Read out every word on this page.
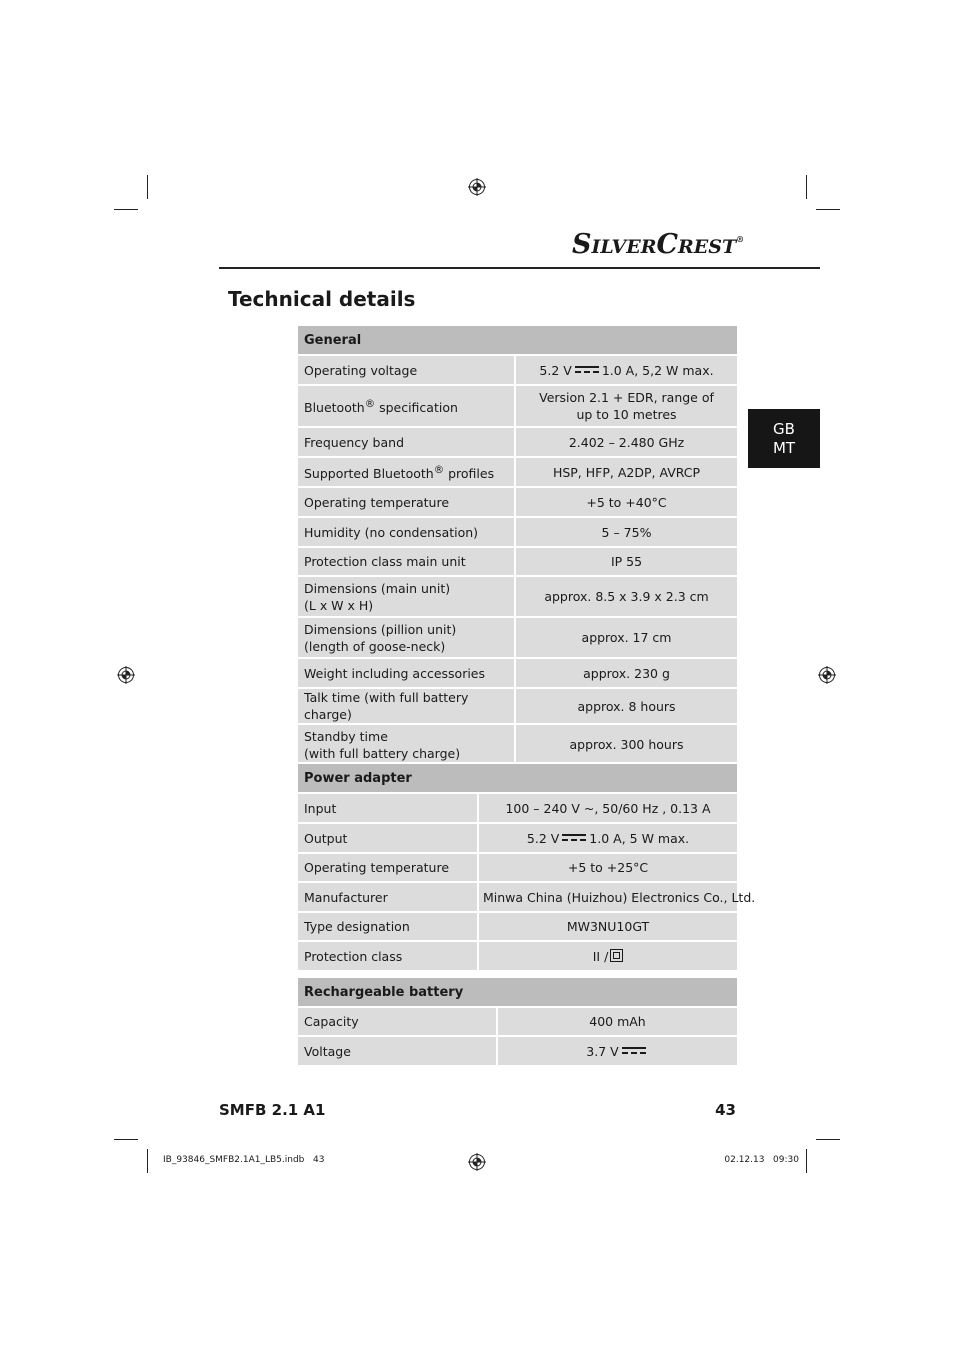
SILVERCREST®
Technical details
GB
MT
General	
Operating voltage	5.2 V 1.0 A, 5,2 W max.
Bluetooth® specification	Version 2.1 + EDR, range of
up to 10 metres

Frequency band	2.402 – 2.480 GHz
Supported Bluetooth® profiles	HSP, HFP, A2DP, AVRCP
Operating temperature	+5 to +40°C
Humidity (no condensation)	5 – 75%
Protection class main unit	IP 55

Dimensions (main unit)
(L x W x H)	approx. 8.5 x 3.9 x 2.3 cm

Dimensions (pillion unit)
(length of goose-neck)	approx. 17 cm
Weight including accessories	approx. 230 g
Talk time (with full battery charge)	approx. 8 hours

Standby time
(with full battery charge)	approx. 300 hours
Power adapter	
Input	100 – 240 V ~, 50/60 Hz , 0.13 A
Output	5.2 V 1.0 A, 5 W max.
Operating temperature	+5 to +25°C
Manufacturer	Minwa China (Huizhou) Electronics Co., Ltd.
Type designation	MW3NU10GT
Protection class	II /
Rechargeable battery	
Capacity	400 mAh
Voltage	3.7 V
SMFB 2.1 A1	43
IB_93846_SMFB2.1A1_LB5.indb   43	02.12.13   09:30
